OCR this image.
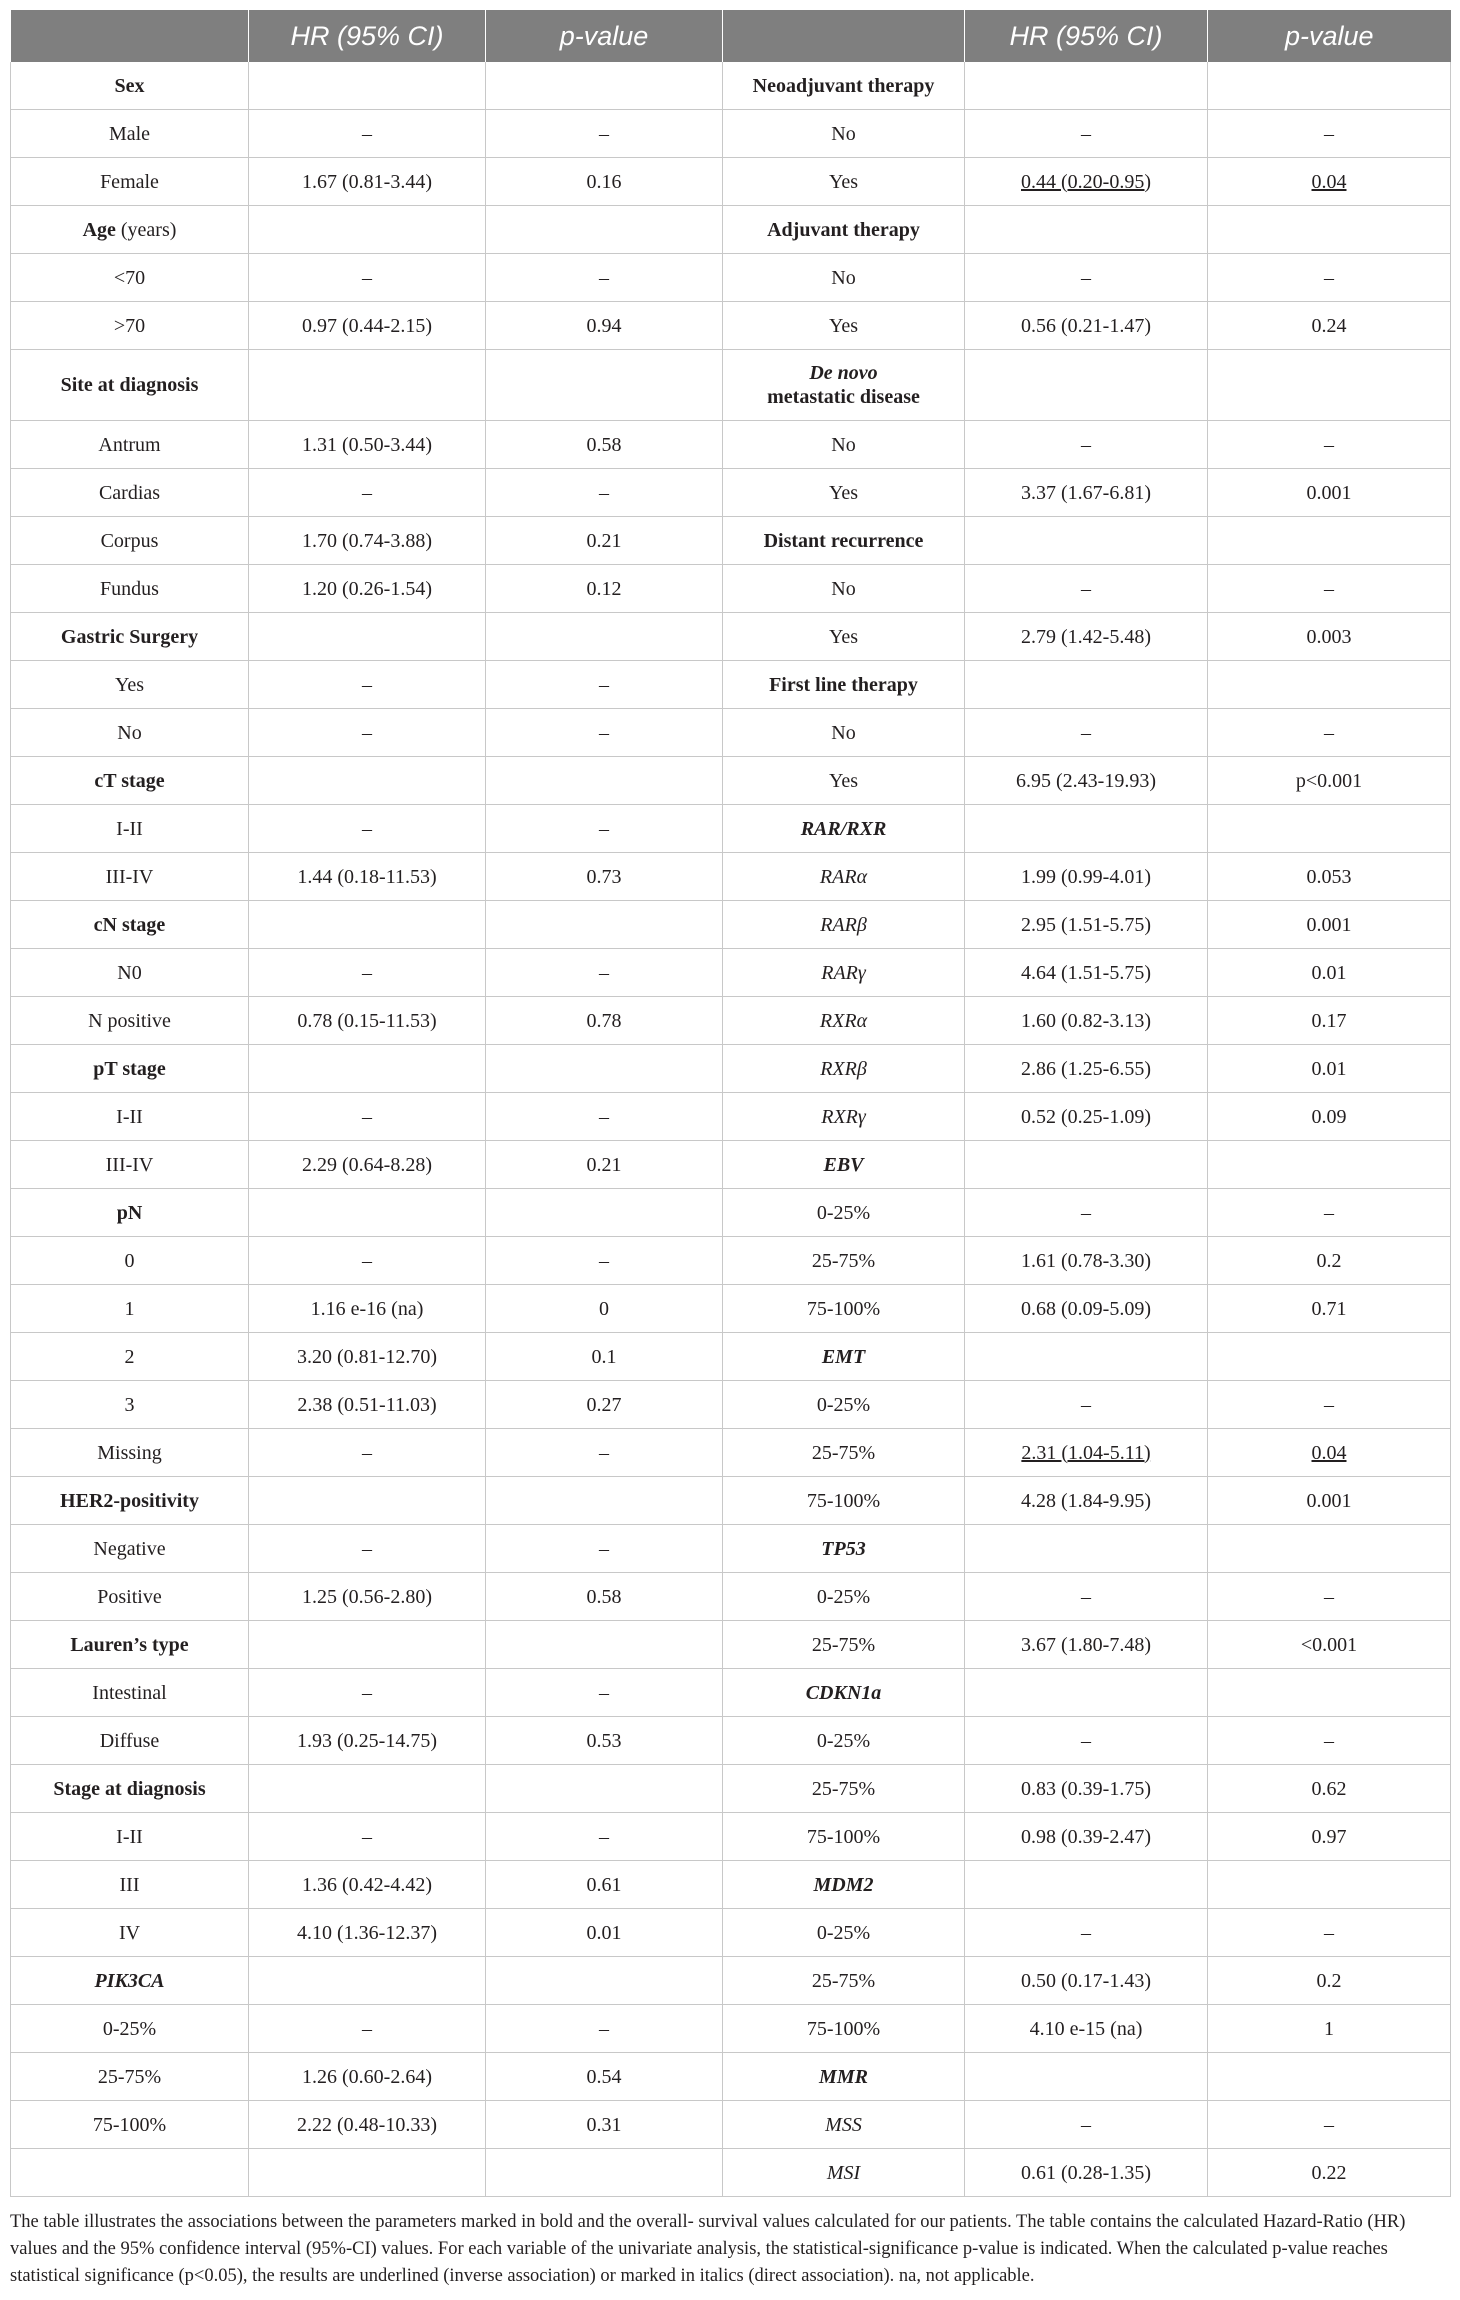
	HR (95% CI)	p-value		HR (95% CI)	p-value
Sex			Neoadjuvant therapy		
Male	–	–	No	–	–
Female	1.67 (0.81-3.44)	0.16	Yes	0.44 (0.20-0.95)	0.04
Age (years)			Adjuvant therapy		
<70	–	–	No	–	–
>70	0.97 (0.44-2.15)	0.94	Yes	0.56 (0.21-1.47)	0.24
Site at diagnosis			De novo
metastatic disease		
Antrum	1.31 (0.50-3.44)	0.58	No	–	–
Cardias	–	–	Yes	3.37 (1.67-6.81)	0.001
Corpus	1.70 (0.74-3.88)	0.21	Distant recurrence		
Fundus	1.20 (0.26-1.54)	0.12	No	–	–
Gastric Surgery			Yes	2.79 (1.42-5.48)	0.003
Yes	–	–	First line therapy		
No	–	–	No	–	–
cT stage			Yes	6.95 (2.43-19.93)	p<0.001
I-II	–	–	RAR/RXR		
III-IV	1.44 (0.18-11.53)	0.73	RARα	1.99 (0.99-4.01)	0.053
cN stage			RARβ	2.95 (1.51-5.75)	0.001
N0	–	–	RARγ	4.64 (1.51-5.75)	0.01
N positive	0.78 (0.15-11.53)	0.78	RXRα	1.60 (0.82-3.13)	0.17
pT stage			RXRβ	2.86 (1.25-6.55)	0.01
I-II	–	–	RXRγ	0.52 (0.25-1.09)	0.09
III-IV	2.29 (0.64-8.28)	0.21	EBV		
pN			0-25%	–	–
0	–	–	25-75%	1.61 (0.78-3.30)	0.2
1	1.16 e-16 (na)	0	75-100%	0.68 (0.09-5.09)	0.71
2	3.20 (0.81-12.70)	0.1	EMT		
3	2.38 (0.51-11.03)	0.27	0-25%	–	–
Missing	–	–	25-75%	2.31 (1.04-5.11)	0.04
HER2-positivity			75-100%	4.28 (1.84-9.95)	0.001
Negative	–	–	TP53		
Positive	1.25 (0.56-2.80)	0.58	0-25%	–	–
Lauren’s type			25-75%	3.67 (1.80-7.48)	<0.001
Intestinal	–	–	CDKN1a		
Diffuse	1.93 (0.25-14.75)	0.53	0-25%	–	–
Stage at diagnosis			25-75%	0.83 (0.39-1.75)	0.62
I-II	–	–	75-100%	0.98 (0.39-2.47)	0.97
III	1.36 (0.42-4.42)	0.61	MDM2		
IV	4.10 (1.36-12.37)	0.01	0-25%	–	–
PIK3CA			25-75%	0.50 (0.17-1.43)	0.2
0-25%	–	–	75-100%	4.10 e-15 (na)	1
25-75%	1.26 (0.60-2.64)	0.54	MMR		
75-100%	2.22 (0.48-10.33)	0.31	MSS	–	–
			MSI	0.61 (0.28-1.35)	0.22

The table illustrates the associations between the parameters marked in bold and the overall- survival values calculated for our patients. The table contains the calculated Hazard-Ratio (HR) values and the 95% confidence interval (95%-CI) values. For each variable of the univariate analysis, the statistical-significance p-value is indicated. When the calculated p-value reaches statistical significance (p<0.05), the results are underlined (inverse association) or marked in italics (direct association). na, not applicable.
